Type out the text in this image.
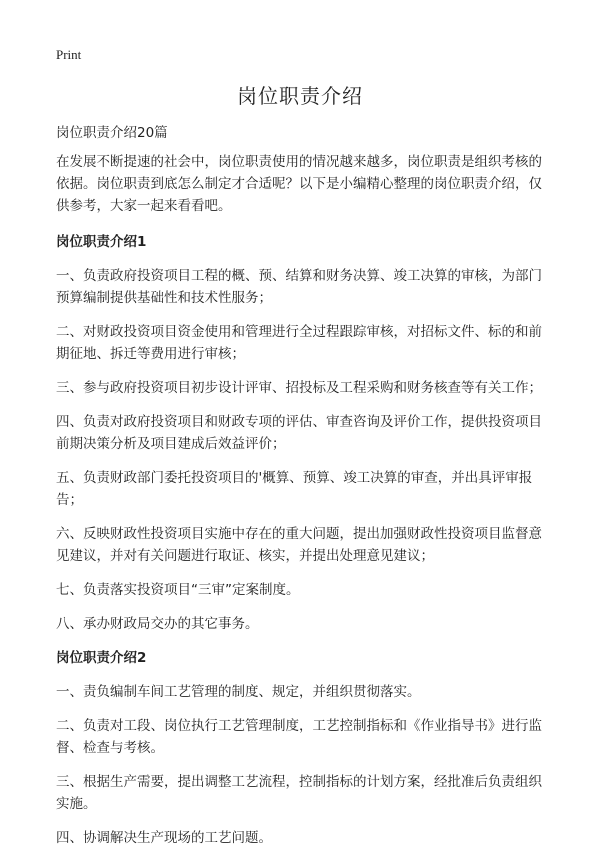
Print
岗位职责介绍

岗位职责介绍20篇

在发展不断提速的社会中，岗位职责使用的情况越来越多，岗位职责是组织考核的依据。岗位职责到底怎么制定才合适呢？以下是小编精心整理的岗位职责介绍，仅供参考，大家一起来看看吧。

岗位职责介绍1

一、负责政府投资项目工程的概、预、结算和财务决算、竣工决算的审核，为部门预算编制提供基础性和技术性服务；

二、对财政投资项目资金使用和管理进行全过程跟踪审核，对招标文件、标的和前期征地、拆迁等费用进行审核；

三、参与政府投资项目初步设计评审、招投标及工程采购和财务核查等有关工作；

四、负责对政府投资项目和财政专项的评估、审查咨询及评价工作，提供投资项目前期决策分析及项目建成后效益评价；

五、负责财政部门委托投资项目的'概算、预算、竣工决算的审查，并出具评审报告；

六、反映财政性投资项目实施中存在的重大问题，提出加强财政性投资项目监督意见建议，并对有关问题进行取证、核实，并提出处理意见建议；

七、负责落实投资项目“三审”定案制度。

八、承办财政局交办的其它事务。

岗位职责介绍2

一、责负编制车间工艺管理的制度、规定，并组织贯彻落实。

二、负责对工段、岗位执行工艺管理制度，工艺控制指标和《作业指导书》进行监督、检查与考核。

三、根据生产需要，提出调整工艺流程，控制指标的计划方案，经批准后负责组织实施。

四、协调解决生产现场的工艺问题。
